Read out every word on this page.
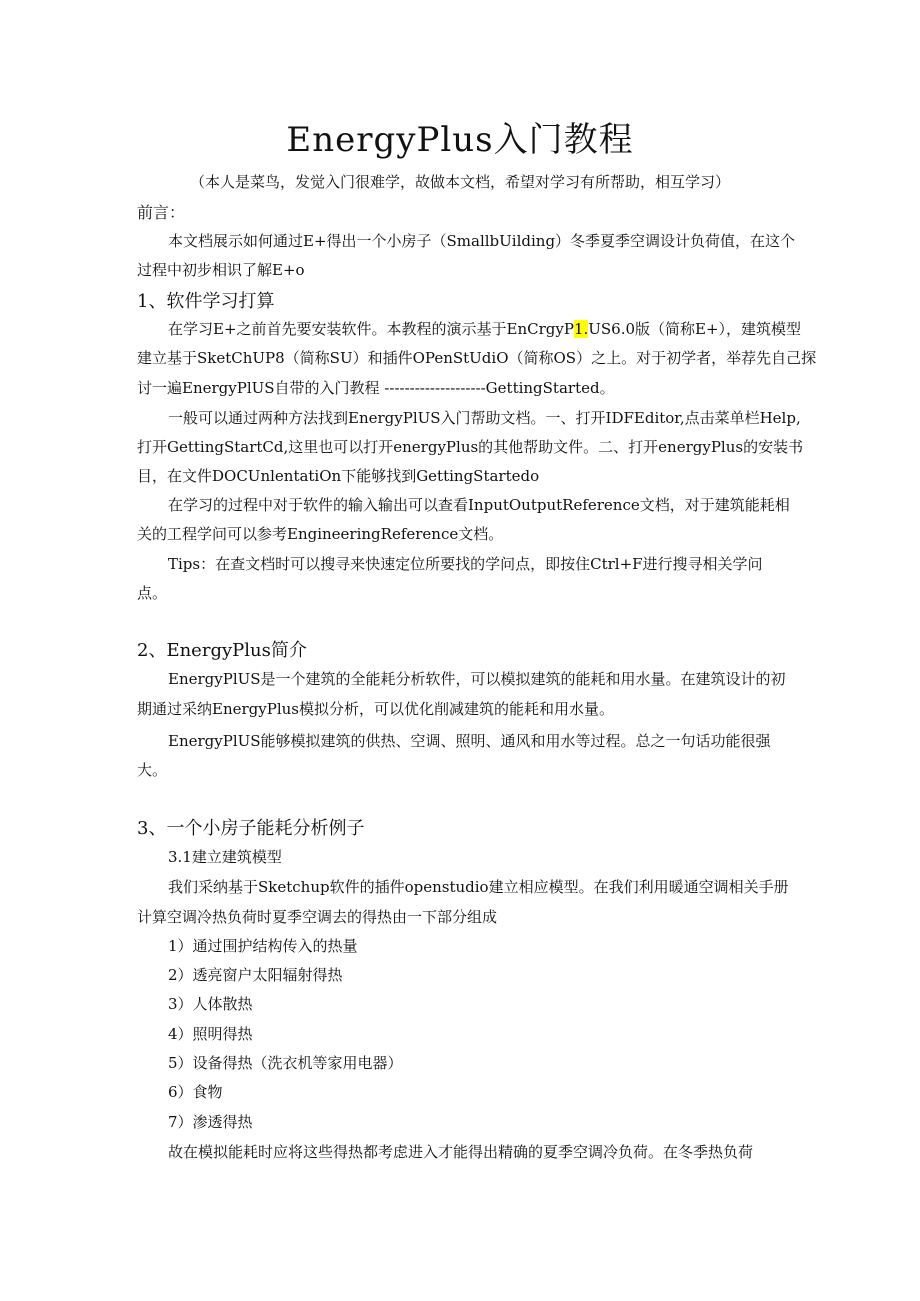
EnergyPlus入门教程
（本人是菜鸟，发觉入门很难学，故做本文档，希望对学习有所帮助，相互学习）
前言：
本文档展示如何通过E+得出一个小房子（SmallbUilding）冬季夏季空调设计负荷值，在这个
过程中初步相识了解E+o
1、软件学习打算
在学习E+之前首先要安装软件。本教程的演示基于EnCrgyP1.US6.0版（简称E+），建筑模型
建立基于SketChUP8（简称SU）和插件OPenStUdiO（简称OS）之上。对于初学者，举荐先自己探
讨一遍EnergyPlUS自带的入门教程 --------------------GettingStarted。
一般可以通过两种方法找到EnergyPlUS入门帮助文档。一、打开IDFEditor,点击菜单栏Help,
打开GettingStartCd,这里也可以打开energyPlus的其他帮助文件。二、打开energyPlus的安装书
目，在文件DOCUnlentatiOn下能够找到GettingStartedo
在学习的过程中对于软件的输入输出可以查看InputOutputReference文档，对于建筑能耗相
关的工程学问可以参考EngineeringReference文档。
Tips：在查文档时可以搜寻来快速定位所要找的学问点，即按住Ctrl+F进行搜寻相关学问
点。
2、EnergyPlus简介
EnergyPlUS是一个建筑的全能耗分析软件，可以模拟建筑的能耗和用水量。在建筑设计的初
期通过采纳EnergyPlus模拟分析，可以优化削减建筑的能耗和用水量。
EnergyPlUS能够模拟建筑的供热、空调、照明、通风和用水等过程。总之一句话功能很强
大。
3、一个小房子能耗分析例子
3.1建立建筑模型
我们采纳基于Sketchup软件的插件openstudio建立相应模型。在我们利用暖通空调相关手册
计算空调冷热负荷时夏季空调去的得热由一下部分组成
1）通过围护结构传入的热量
2）透亮窗户太阳辐射得热
3）人体散热
4）照明得热
5）设备得热（洗衣机等家用电器）
6）食物
7）渗透得热
故在模拟能耗时应将这些得热都考虑进入才能得出精确的夏季空调冷负荷。在冬季热负荷
